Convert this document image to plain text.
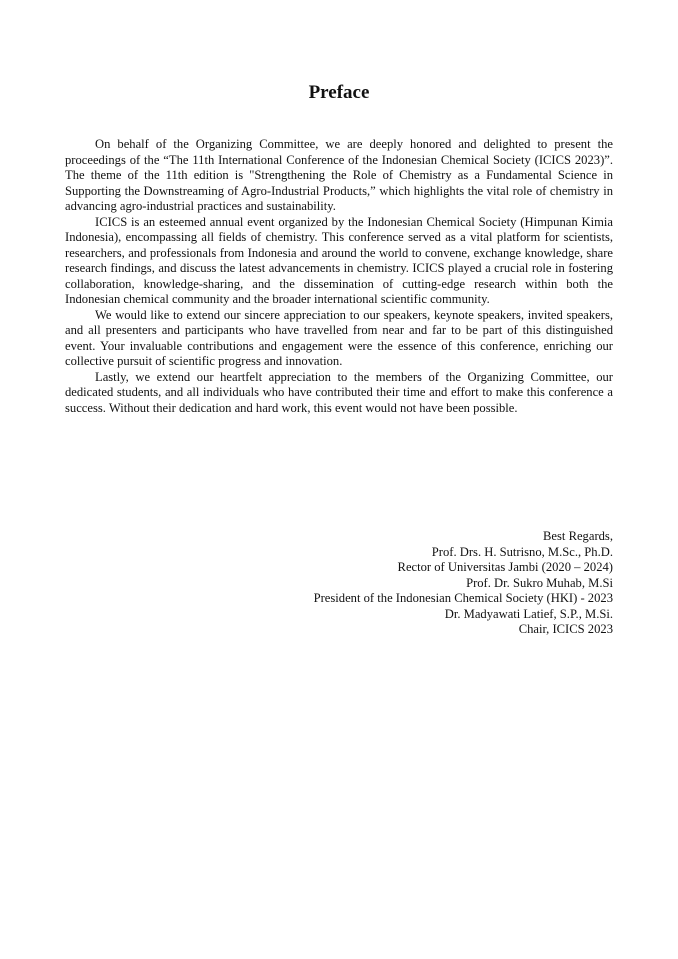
Preface

On behalf of the Organizing Committee, we are deeply honored and delighted to present the proceedings of the “The 11th International Conference of the Indonesian Chemical Society (ICICS 2023)”. The theme of the 11th edition is "Strengthening the Role of Chemistry as a Fundamental Science in Supporting the Downstreaming of Agro-Industrial Products,” which highlights the vital role of chemistry in advancing agro-industrial practices and sustainability.

ICICS is an esteemed annual event organized by the Indonesian Chemical Society (Himpunan Kimia Indonesia), encompassing all fields of chemistry. This conference served as a vital platform for scientists, researchers, and professionals from Indonesia and around the world to convene, exchange knowledge, share research findings, and discuss the latest advancements in chemistry. ICICS played a crucial role in fostering collaboration, knowledge-sharing, and the dissemination of cutting-edge research within both the Indonesian chemical community and the broader international scientific community.

We would like to extend our sincere appreciation to our speakers, keynote speakers, invited speakers, and all presenters and participants who have travelled from near and far to be part of this distinguished event. Your invaluable contributions and engagement were the essence of this conference, enriching our collective pursuit of scientific progress and innovation.

Lastly, we extend our heartfelt appreciation to the members of the Organizing Committee, our dedicated students, and all individuals who have contributed their time and effort to make this conference a success. Without their dedication and hard work, this event would not have been possible.

Best Regards,
Prof. Drs. H. Sutrisno, M.Sc., Ph.D.
Rector of Universitas Jambi (2020 – 2024)
Prof. Dr. Sukro Muhab, M.Si
President of the Indonesian Chemical Society (HKI) - 2023
Dr. Madyawati Latief, S.P., M.Si.
Chair, ICICS 2023
